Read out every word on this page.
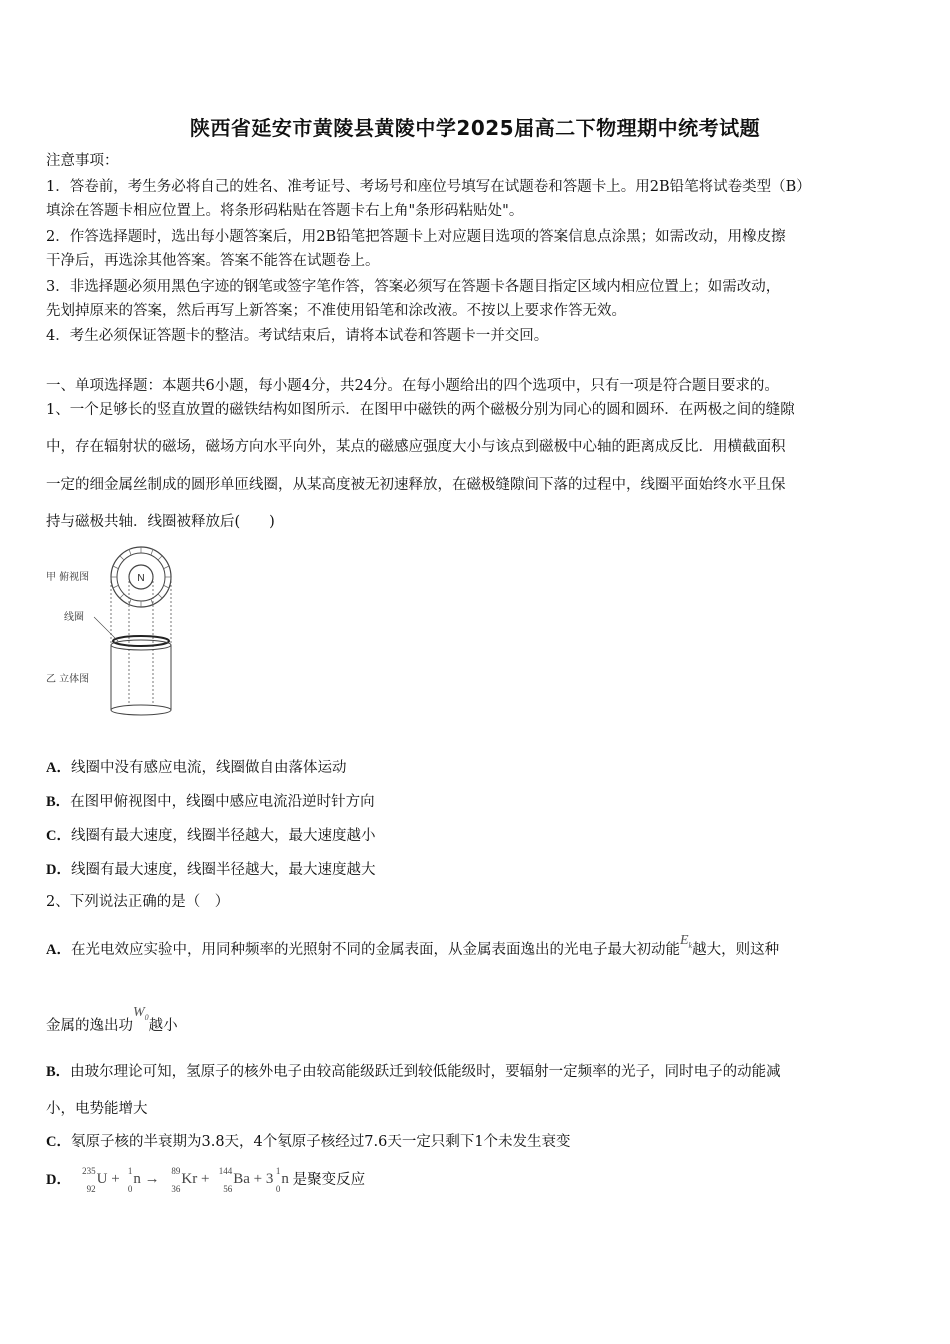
陕西省延安市黄陵县黄陵中学2025届高二下物理期中统考试题
注意事项：
1．答卷前，考生务必将自己的姓名、准考证号、考场号和座位号填写在试题卷和答题卡上。用2B铅笔将试卷类型（B）
填涂在答题卡相应位置上。将条形码粘贴在答题卡右上角"条形码粘贴处"。
2．作答选择题时，选出每小题答案后，用2B铅笔把答题卡上对应题目选项的答案信息点涂黑；如需改动，用橡皮擦
干净后，再选涂其他答案。答案不能答在试题卷上。
3．非选择题必须用黑色字迹的钢笔或签字笔作答，答案必须写在答题卡各题目指定区域内相应位置上；如需改动，
先划掉原来的答案，然后再写上新答案；不准使用铅笔和涂改液。不按以上要求作答无效。
4．考生必须保证答题卡的整洁。考试结束后，请将本试卷和答题卡一并交回。
一、单项选择题：本题共6小题，每小题4分，共24分。在每小题给出的四个选项中，只有一项是符合题目要求的。
1、一个足够长的竖直放置的磁铁结构如图所示．在图甲中磁铁的两个磁极分别为同心的圆和圆环．在两极之间的缝隙
中，存在辐射状的磁场，磁场方向水平向外，某点的磁感应强度大小与该点到磁极中心轴的距离成反比．用横截面积
一定的细金属丝制成的圆形单匝线圈，从某高度被无初速释放，在磁极缝隙间下落的过程中，线圈平面始终水平且保
持与磁极共轴．线圈被释放后(　　)
N
甲 俯视图
线圈
乙 立体图
A．线圈中没有感应电流，线圈做自由落体运动
B．在图甲俯视图中，线圈中感应电流沿逆时针方向
C．线圈有最大速度，线圈半径越大，最大速度越小
D．线圈有最大速度，线圈半径越大，最大速度越大
2、下列说法正确的是（　）
A．在光电效应实验中，用同种频率的光照射不同的金属表面，从金属表面逸出的光电子最大初动能$E_k$越大，则这种
金属的逸出功$W_0$越小
B．由玻尔理论可知，氢原子的核外电子由较高能级跃迁到较低能级时，要辐射一定频率的光子，同时电子的动能减
小，电势能增大
C．氡原子核的半衰期为3.8天，4个氡原子核经过7.6天一定只剩下1个未发生衰变
D．
235
92
U + 1
0
n → 89
36
Kr + 144
56
Ba + 3 1
0
n 是聚变反应
